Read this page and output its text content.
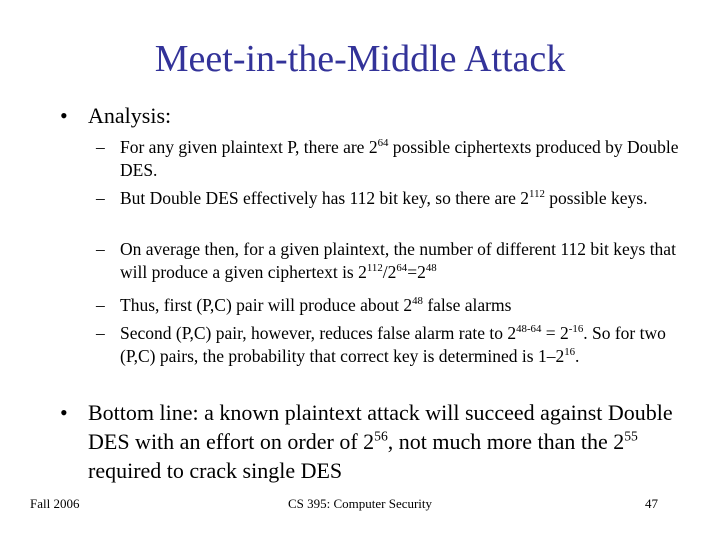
Meet-in-the-Middle Attack
• Analysis:
– For any given plaintext P, there are $2^{64}$ possible ciphertexts produced by Double DES.
– But Double DES effectively has 112 bit key, so there are $2^{112}$ possible keys.
– On average then, for a given plaintext, the number of different 112 bit keys that will produce a given ciphertext is $2^{112}/2^{64}=2^{48}$
– Thus, first (P,C) pair will produce about $2^{48}$ false alarms
– Second (P,C) pair, however, reduces false alarm rate to $2^{48-64} = 2^{-16}$. So for two (P,C) pairs, the probability that correct key is determined is $1-2^{16}$.
• Bottom line: a known plaintext attack will succeed against Double DES with an effort on order of $2^{56}$, not much more than the $2^{55}$ required to crack single DES
Fall 2006	CS 395: Computer Security	47
